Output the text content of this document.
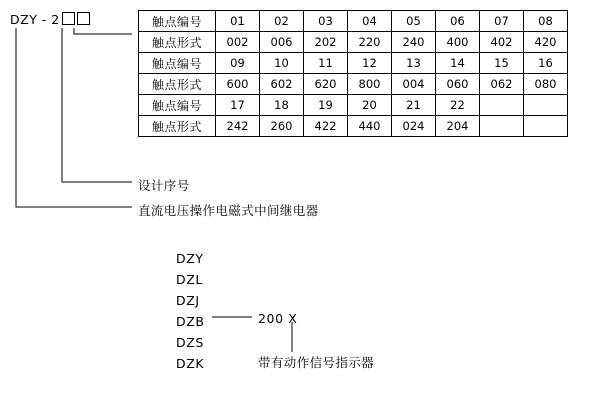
DZY - 2	触点编号	01	02	03	04	05	06	07	08
触点形式	002	006	202	220	240	400	402	420
触点编号	09	10	11	12	13	14	15	16
触点形式	600	602	620	800	004	060	062	080
触点编号	17	18	19	20	21	22		
触点形式	242	260	422	440	024	204		
设计序号
直流电压操作电磁式中间继电器
DZY
DZL
DZJ
DZB
DZS
DZK
200 X
带有动作信号指示器
